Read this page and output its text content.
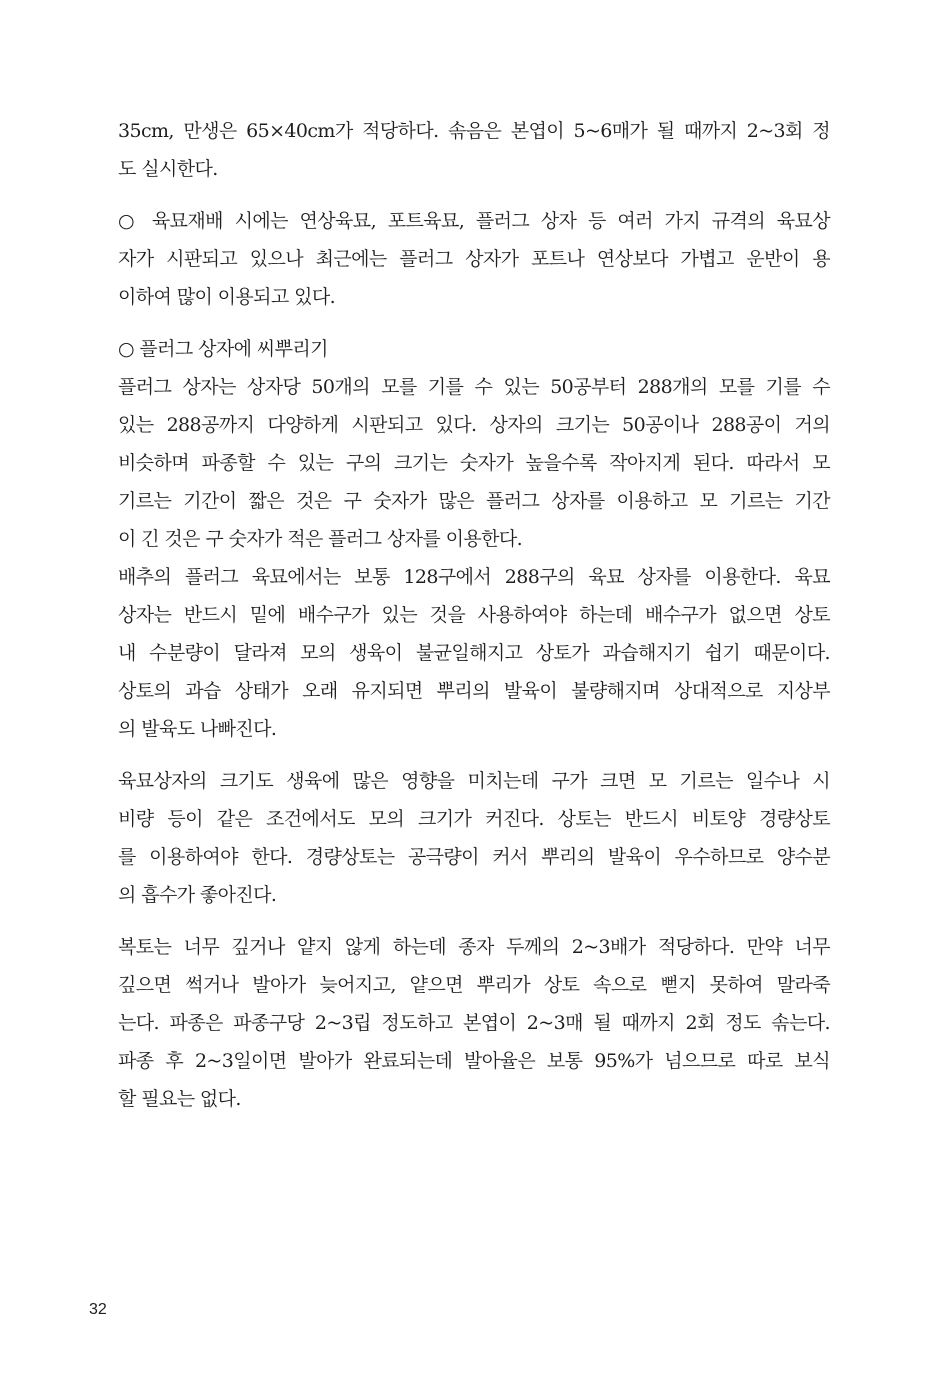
35cm, 만생은 65×40cm가 적당하다. 솎음은 본엽이 5~6매가 될 때까지 2~3회 정
도 실시한다.
○ 육묘재배 시에는 연상육묘, 포트육묘, 플러그 상자 등 여러 가지 규격의 육묘상
자가 시판되고 있으나 최근에는 플러그 상자가 포트나 연상보다 가볍고 운반이 용
이하여 많이 이용되고 있다.
○ 플러그 상자에 씨뿌리기
플러그 상자는 상자당 50개의 모를 기를 수 있는 50공부터 288개의 모를 기를 수
있는 288공까지 다양하게 시판되고 있다. 상자의 크기는 50공이나 288공이 거의
비슷하며 파종할 수 있는 구의 크기는 숫자가 높을수록 작아지게 된다. 따라서 모
기르는 기간이 짧은 것은 구 숫자가 많은 플러그 상자를 이용하고 모 기르는 기간
이 긴 것은 구 숫자가 적은 플러그 상자를 이용한다.
배추의 플러그 육묘에서는 보통 128구에서 288구의 육묘 상자를 이용한다. 육묘
상자는 반드시 밑에 배수구가 있는 것을 사용하여야 하는데 배수구가 없으면 상토
내 수분량이 달라져 모의 생육이 불균일해지고 상토가 과습해지기 쉽기 때문이다.
상토의 과습 상태가 오래 유지되면 뿌리의 발육이 불량해지며 상대적으로 지상부
의 발육도 나빠진다.
육묘상자의 크기도 생육에 많은 영향을 미치는데 구가 크면 모 기르는 일수나 시
비량 등이 같은 조건에서도 모의 크기가 커진다. 상토는 반드시 비토양 경량상토
를 이용하여야 한다. 경량상토는 공극량이 커서 뿌리의 발육이 우수하므로 양수분
의 흡수가 좋아진다.
복토는 너무 깊거나 얕지 않게 하는데 종자 두께의 2~3배가 적당하다. 만약 너무
깊으면 썩거나 발아가 늦어지고, 얕으면 뿌리가 상토 속으로 뻗지 못하여 말라죽
는다. 파종은 파종구당 2~3립 정도하고 본엽이 2~3매 될 때까지 2회 정도 솎는다.
파종 후 2~3일이면 발아가 완료되는데 발아율은 보통 95%가 넘으므로 따로 보식
할 필요는 없다.
32
